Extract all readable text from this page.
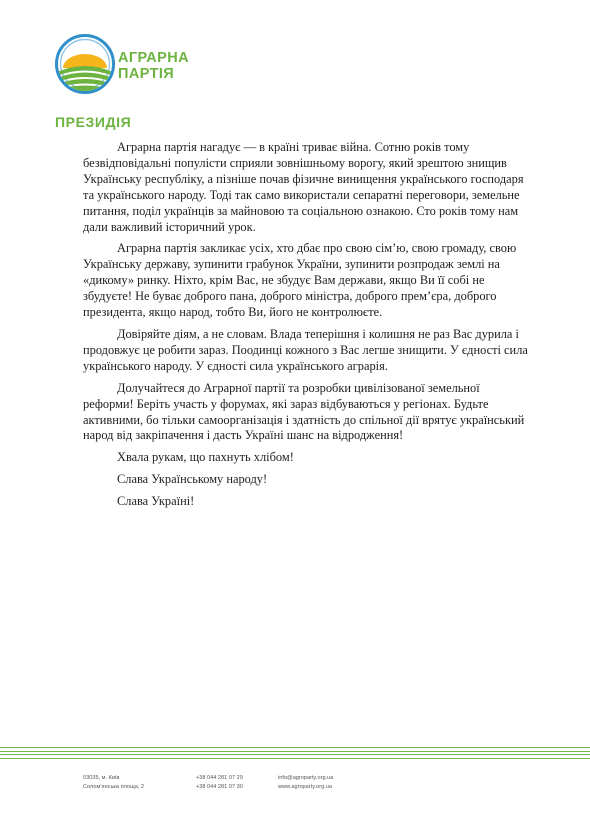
АГРАРНА
ПАРТІЯ
ПРЕЗИДІЯ

Аграрна партія нагадує — в країні триває війна. Сотню років тому безвідповідальні популісти сприяли зовнішньому ворогу, який зрештою знищив Українську республіку, а пізніше почав фізичне винищення українського господаря та українського народу. Тоді так само використали сепаратні переговори, земельне питання, поділ українців за майновою та соціальною ознакою. Сто років тому нам дали важливий історичний урок.

Аграрна партія закликає усіх, хто дбає про свою сім’ю, свою громаду, свою Українську державу, зупинити грабунок України, зупинити розпродаж землі на «дикому» ринку. Ніхто, крім Вас, не збудує Вам держави, якщо Ви її собі не збудуєте! Не буває доброго пана, доброго міністра, доброго прем’єра, доброго президента, якщо народ, тобто Ви, його не контролюєте.

Довіряйте діям, а не словам. Влада теперішня і колишня не раз Вас дурила і продовжує це робити зараз. Поодинці кожного з Вас легше знищити. У єдності сила українського народу. У єдності сила українського аграрія.

Долучайтеся до Аграрної партії та розробки цивілізованої земельної реформи! Беріть участь у форумах, які зараз відбуваються у регіонах. Будьте активними, бо тільки самоорганізація і здатність до спільної дії врятує український народ від закріпачення і дасть Україні шанс на відродження!

Хвала рукам, що пахнуть хлібом!

Слава Українському народу!

Слава Україні!

03035, м. Київ
Солом’янська площа, 2
+38 044 281 07 29
+38 044 281 07 30
info@agroparty.org.ua
www.agroparty.org.ua
